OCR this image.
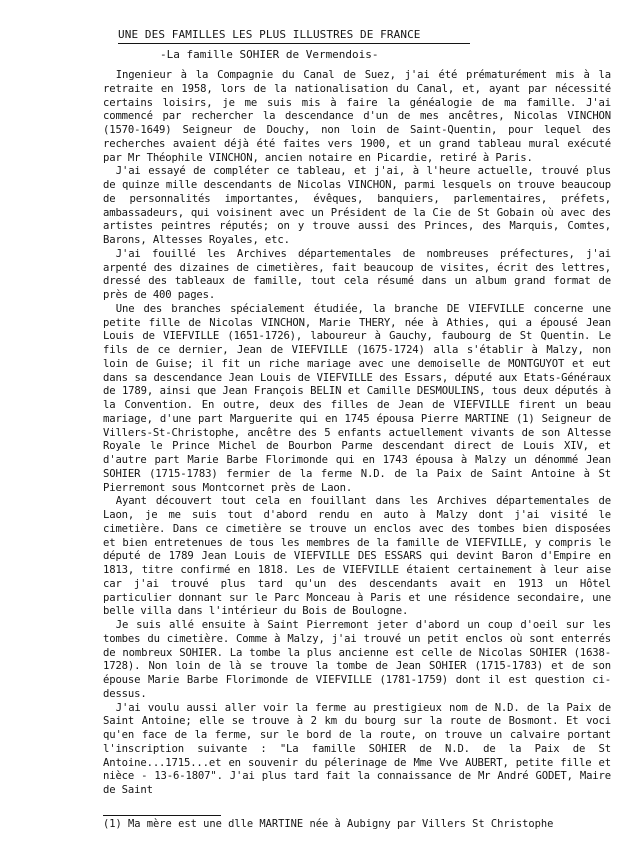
UNE DES FAMILLES LES PLUS ILLUSTRES DE FRANCE
-La famille SOHIER de Vermendois-

Ingenieur à la Compagnie du Canal de Suez, j'ai été prématurément mis à la retraite en 1958, lors de la nationalisation du Canal, et, ayant par nécessité certains loisirs, je me suis mis à faire la généalogie de ma famille. J'ai commencé par rechercher la descendance d'un de mes ancêtres, Nicolas VINCHON (1570-1649) Seigneur de Douchy, non loin de Saint-Quentin, pour lequel des recherches avaient déjà été faites vers 1900, et un grand tableau mural exécuté par Mr Théophile VINCHON, ancien notaire en Picardie, retiré à Paris.

J'ai essayé de compléter ce tableau, et j'ai, à l'heure actuelle, trouvé plus de quinze mille descendants de Nicolas VINCHON, parmi lesquels on trouve beaucoup de personnalités importantes, évêques, banquiers, parlementaires, préfets, ambassadeurs, qui voisinent avec un Président de la Cie de St Gobain où avec des artistes peintres réputés; on y trouve aussi des Princes, des Marquis, Comtes, Barons, Altesses Royales, etc.

J'ai fouillé les Archives départementales de nombreuses préfectures, j'ai arpenté des dizaines de cimetières, fait beaucoup de visites, écrit des lettres, dressé des tableaux de famille, tout cela résumé dans un album grand format de près de 400 pages.

Une des branches spécialement étudiée, la branche DE VIEFVILLE concerne une petite fille de Nicolas VINCHON, Marie THERY, née à Athies, qui a épousé Jean Louis de VIEFVILLE (1651-1726), laboureur à Gauchy, faubourg de St Quentin. Le fils de ce dernier, Jean de VIEFVILLE (1675-1724) alla s'établir à Malzy, non loin de Guise; il fit un riche mariage avec une demoiselle de MONTGUYOT et eut dans sa descendance Jean Louis de VIEFVILLE des Essars, député aux Etats-Généraux de 1789, ainsi que Jean François BELIN et Camille DESMOULINS, tous deux députés à la Convention. En outre, deux des filles de Jean de VIEFVILLE firent un beau mariage, d'une part Marguerite qui en 1745 épousa Pierre MARTINE (1) Seigneur de Villers-St-Christophe, ancêtre des 5 enfants actuellement vivants de son Altesse Royale le Prince Michel de Bourbon Parme descendant direct de Louis XIV, et d'autre part Marie Barbe Florimonde qui en 1743 épousa à Malzy un dénommé Jean SOHIER (1715-1783) fermier de la ferme N.D. de la Paix de Saint Antoine à St Pierremont sous Montcornet près de Laon.

Ayant découvert tout cela en fouillant dans les Archives départementales de Laon, je me suis tout d'abord rendu en auto à Malzy dont j'ai visité le cimetière. Dans ce cimetière se trouve un enclos avec des tombes bien disposées et bien entretenues de tous les membres de la famille de VIEFVILLE, y compris le député de 1789 Jean Louis de VIEFVILLE DES ESSARS qui devint Baron d'Empire en 1813, titre confirmé en 1818. Les de VIEFVILLE étaient certainement à leur aise car j'ai trouvé plus tard qu'un des descendants avait en 1913 un Hôtel particulier donnant sur le Parc Monceau à Paris et une résidence secondaire, une belle villa dans l'intérieur du Bois de Boulogne.

Je suis allé ensuite à Saint Pierremont jeter d'abord un coup d'oeil sur les tombes du cimetière. Comme à Malzy, j'ai trouvé un petit enclos où sont enterrés de nombreux SOHIER. La tombe la plus ancienne est celle de Nicolas SOHIER (1638-1728). Non loin de là se trouve la tombe de Jean SOHIER (1715-1783) et de son épouse Marie Barbe Florimonde de VIEFVILLE (1781-1759) dont il est question ci-dessus.

J'ai voulu aussi aller voir la ferme au prestigieux nom de N.D. de la Paix de Saint Antoine; elle se trouve à 2 km du bourg sur la route de Bosmont. Et voci qu'en face de la ferme, sur le bord de la route, on trouve un calvaire portant l'inscription suivante : "La famille SOHIER de N.D. de la Paix de St Antoine...1715...et en souvenir du pélerinage de Mme Vve AUBERT, petite fille et nièce - 13-6-1807". J'ai plus tard fait la connaissance de Mr André GODET, Maire de Saint

(1) Ma mère est une dlle MARTINE née à Aubigny par Villers St Christophe
